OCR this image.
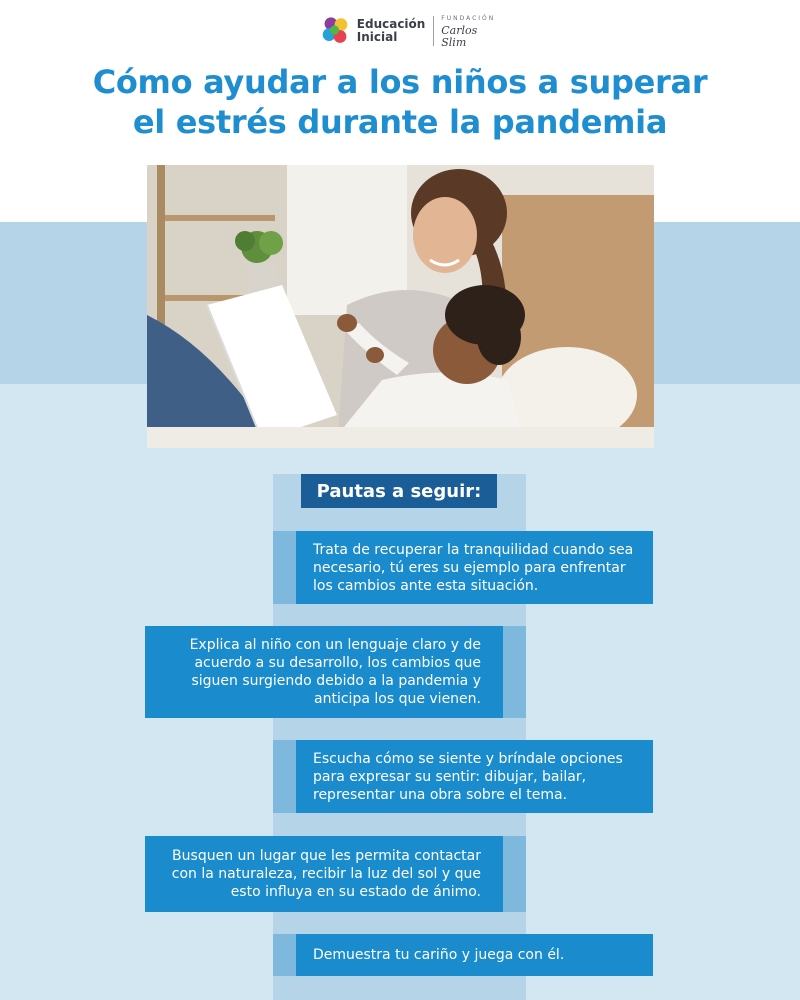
Educación
Inicial
FUNDACIÓN
Carlos Slim
Cómo ayudar a los niños a superar
el estrés durante la pandemia
Pautas a seguir:
Trata de recuperar la tranquilidad cuando sea necesario, tú eres su ejemplo para enfrentar los cambios ante esta situación.
Explica al niño con un lenguaje claro y de acuerdo a su desarrollo, los cambios que siguen surgiendo debido a la pandemia y anticipa los que vienen.
Escucha cómo se siente y bríndale opciones para expresar su sentir: dibujar, bailar, representar una obra sobre el tema.
Busquen un lugar que les permita contactar con la naturaleza, recibir la luz del sol y que esto influya en su estado de ánimo.
Demuestra tu cariño y juega con él.
